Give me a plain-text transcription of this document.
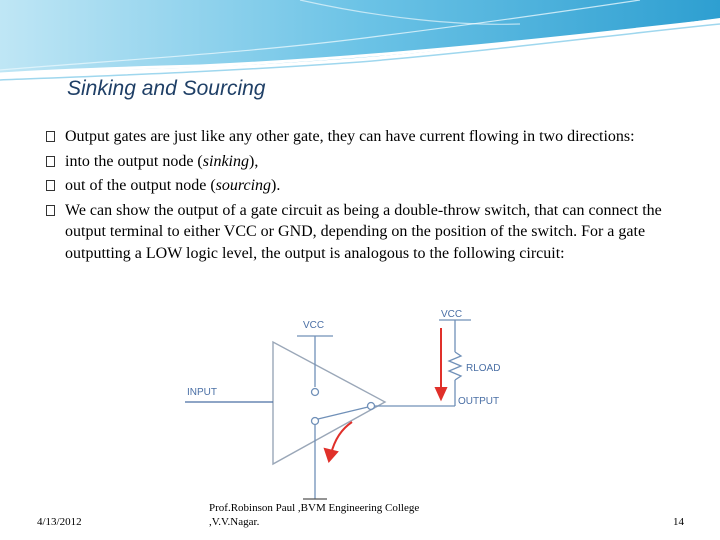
Sinking and Sourcing
Output gates are just like any other gate, they can have current flowing in two directions:
into the output node (sinking),
out of the output node (sourcing).
We can show the output of a gate circuit as being a double-throw switch, that can connect the output terminal to either VCC or GND, depending on the position of the switch. For a gate outputting a LOW logic level, the output is analogous to the following circuit:
VCC
VCC
RLOAD
INPUT
OUTPUT
4/13/2012
Prof.Robinson Paul ,BVM Engineering College
,V.V.Nagar.	14
